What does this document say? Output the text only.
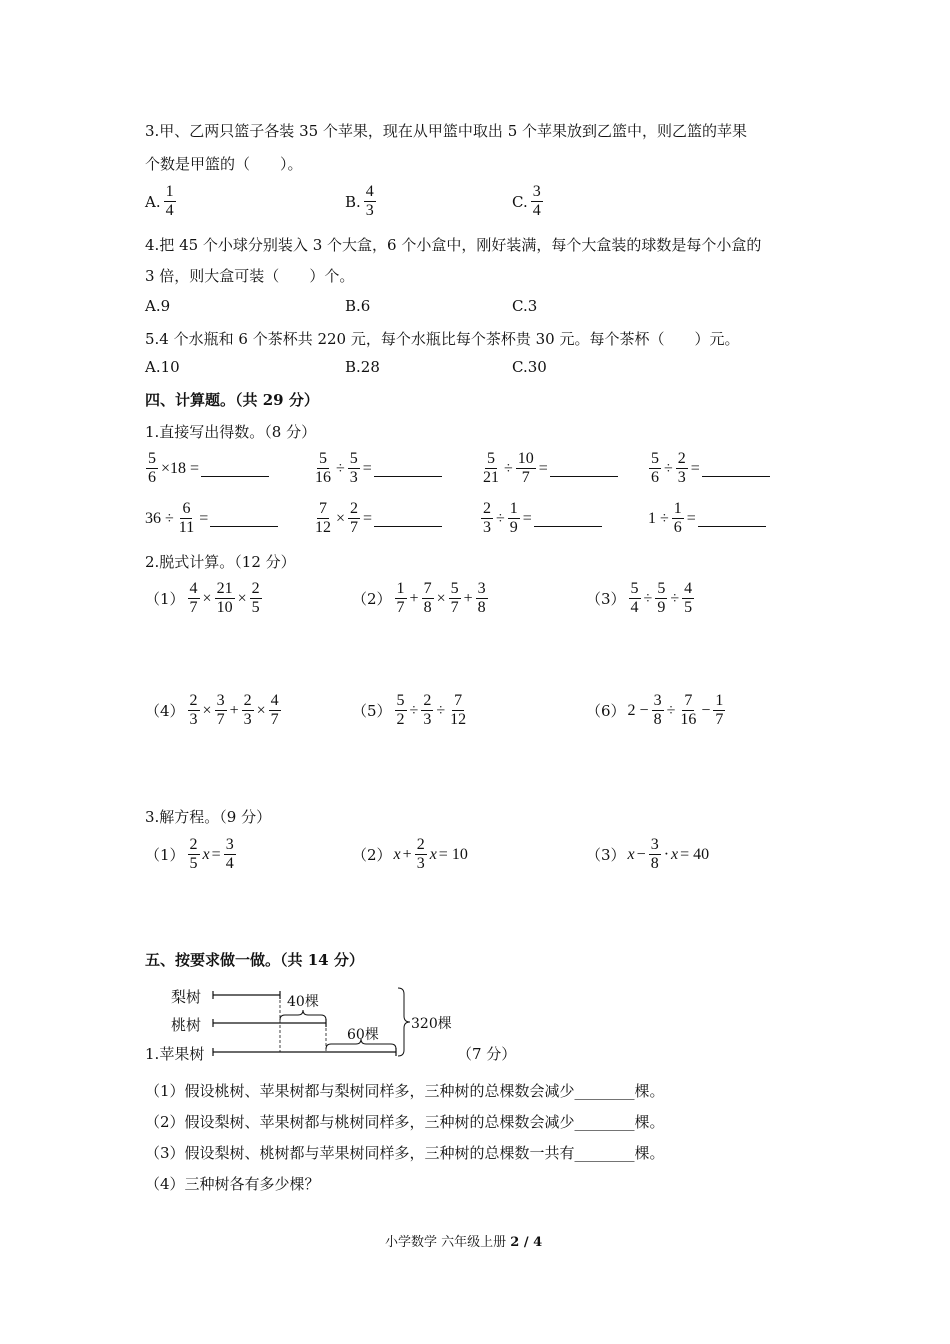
3.甲、乙两只篮子各装 35 个苹果，现在从甲篮中取出 5 个苹果放到乙篮中，则乙篮的苹果
个数是甲篮的（　　）。
A. $\frac{1}{4}$	B. $\frac{4}{3}$	C. $\frac{3}{4}$
4.把 45 个小球分别装入 3 个大盒，6 个小盒中，刚好装满，每个大盒装的球数是每个小盒的
3 倍，则大盒可装（　　）个。
A.9	B.6	C.3
5.4 个水瓶和 6 个茶杯共 220 元，每个水瓶比每个茶杯贵 30 元。每个茶杯（　　）元。
A.10	B.28	C.30
四、计算题。（共 29 分）
1.直接写出得数。（8 分）
$\frac{5}{6} \times 18$ =	$\frac{5}{16} \div \frac{5}{3}$ =	$\frac{5}{21} \div \frac{10}{7}$ =	$\frac{5}{6} \div \frac{2}{3}$ =
$36 \div \frac{6}{11}$ =	$\frac{7}{12} \times \frac{2}{7}$ =	$\frac{2}{3} \div \frac{1}{9}$ =	$1 \div \frac{1}{6}$ =
2.脱式计算。（12 分）
$(1) \frac{4}{7} \times \frac{21}{10} \times \frac{2}{5}$	$(2) \frac{1}{7} + \frac{7}{8} \times \frac{5}{7} + \frac{3}{8}$	$(3) \frac{5}{4} \div \frac{5}{9} \div \frac{4}{5}$
$(4) \frac{2}{3} \times \frac{3}{7} + \frac{2}{3} \times \frac{4}{7}$	$(5) \frac{5}{2} \div \frac{2}{3} \div \frac{7}{12}$	（6） $2 - \frac{3}{8} \div \frac{7}{16} - \frac{1}{7}$
3.解方程。（9 分）
$(1) \frac{2}{5}$ $x = \frac{3}{4}$	（2） $x + \frac{2}{3}$ x = 10	（3） $x - \frac{3}{8} \cdot x = 40$
五、按要求做一做。（共 14 分）
梨树
桃树
1.苹果树
40棵
60棵
320棵
（7 分）
（1）假设桃树、苹果树都与梨树同样多，三种树的总棵数会减少________棵。
（2）假设梨树、苹果树都与桃树同样多，三种树的总棵数会减少________棵。
（3）假设梨树、桃树都与苹果树同样多，三种树的总棵数一共有________棵。
（4）三种树各有多少棵？
小学数学 六年级上册 2 / 4
